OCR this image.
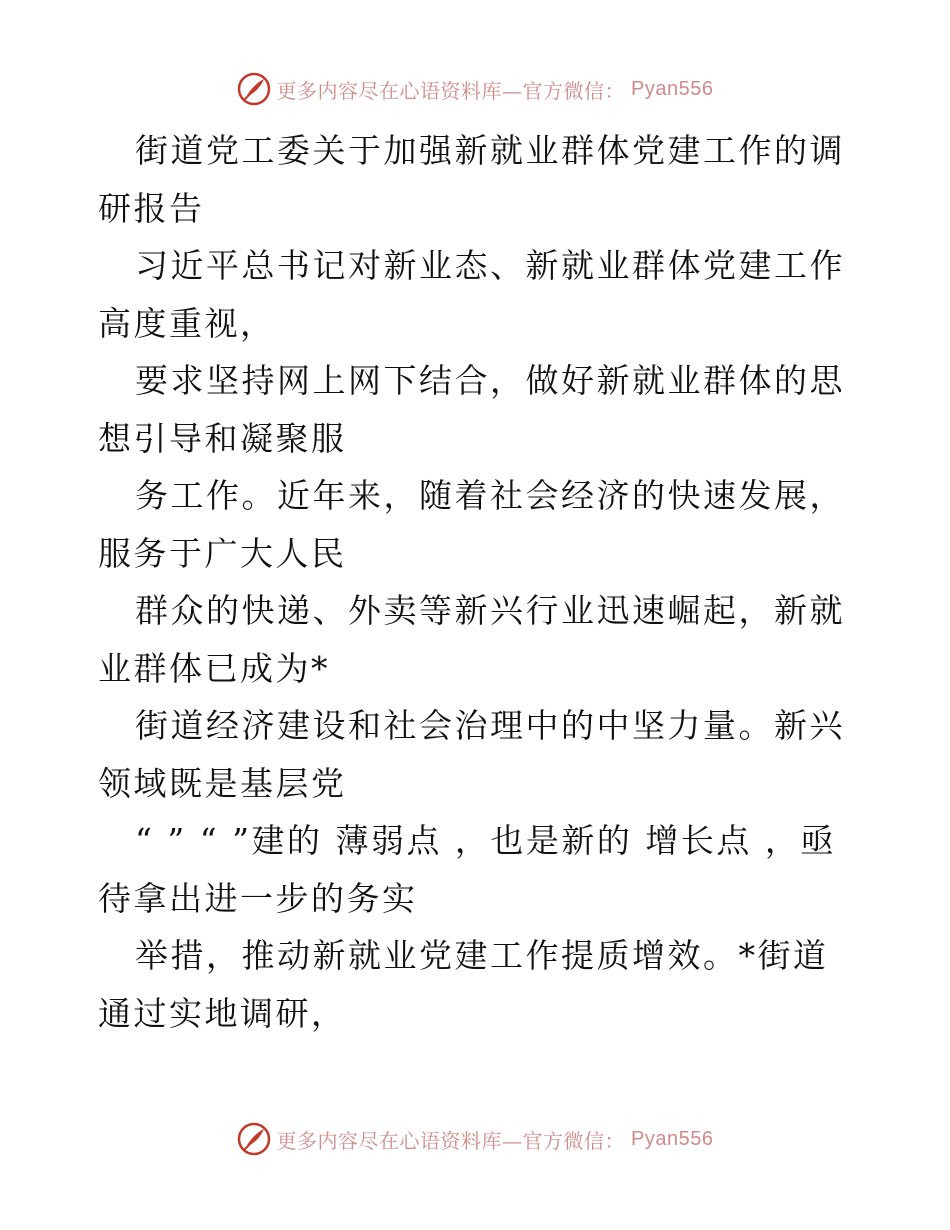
更多内容尽在心语资料库—官方微信： Pyan556

街道党工委关于加强新就业群体党建工作的调研报告

习近平总书记对新业态、新就业群体党建工作高度重视，

要求坚持网上网下结合，做好新就业群体的思想引导和凝聚服

务工作。近年来，随着社会经济的快速发展，服务于广大人民

群众的快递、外卖等新兴行业迅速崛起，新就业群体已成为*

街道经济建设和社会治理中的中坚力量。新兴领域既是基层党

“ ” “ ”建的 薄弱点 ，也是新的 增长点 ，亟待拿出进一步的务实

举措，推动新就业党建工作提质增效。*街道通过实地调研，

更多内容尽在心语资料库—官方微信： Pyan556
